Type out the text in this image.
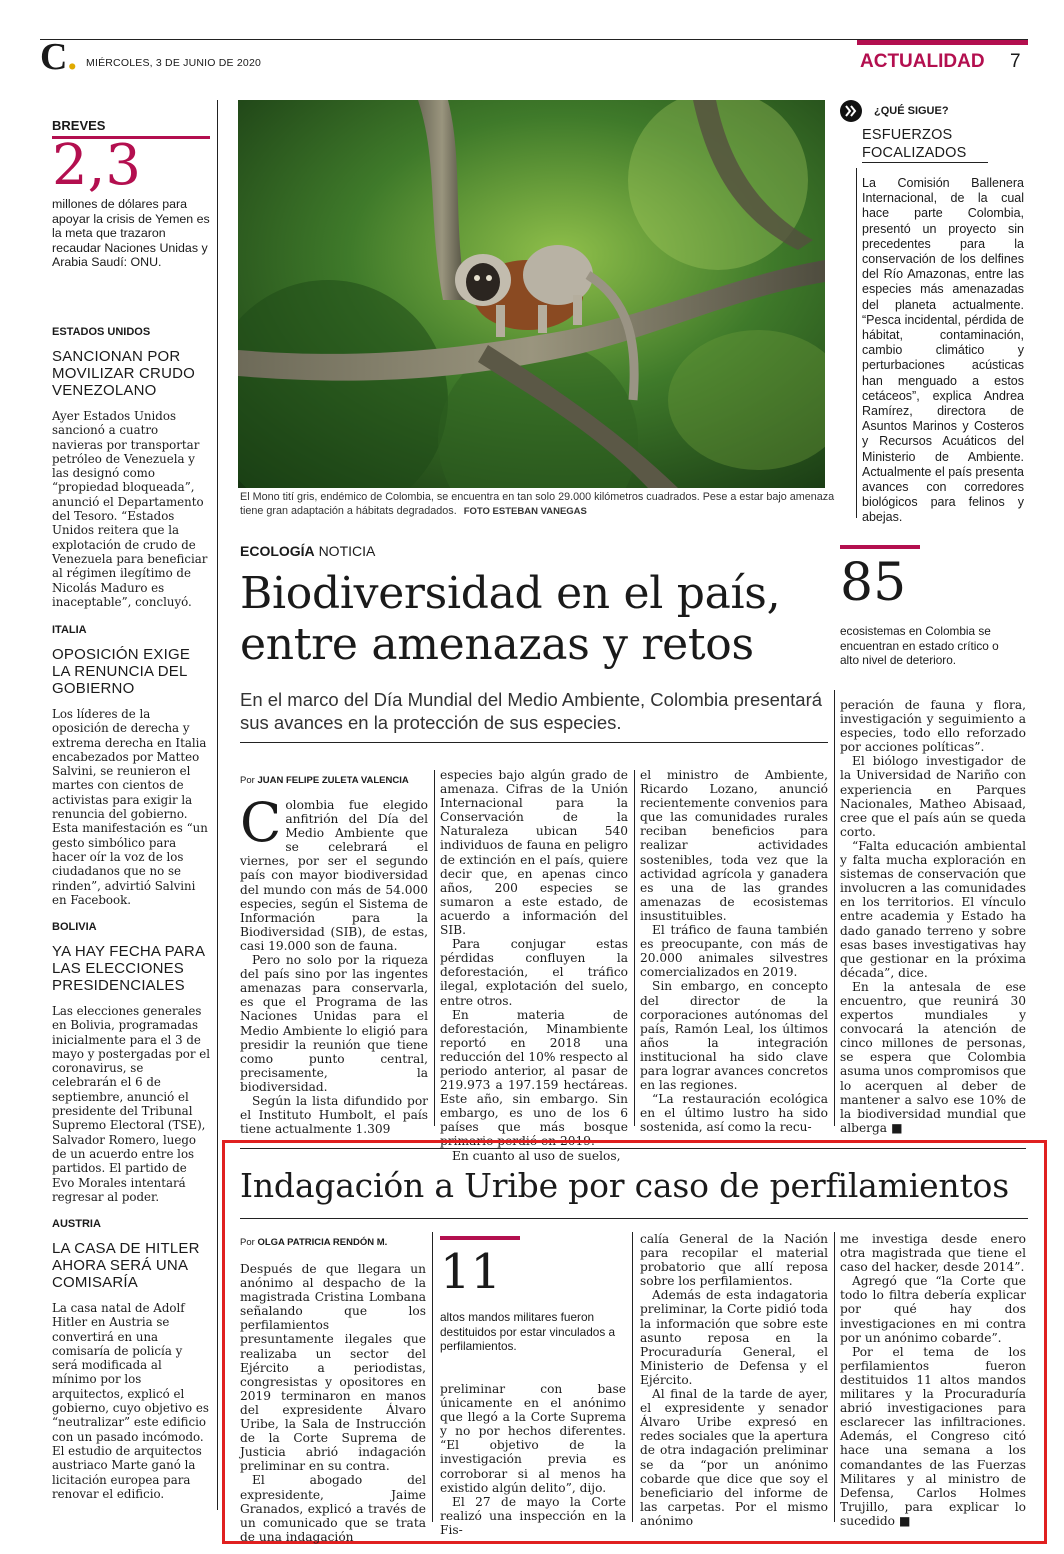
C. MIÉRCOLES, 3 DE JUNIO DE 2020	ACTUALIDAD 7
BREVES
2,3
millones de dólares para apoyar la crisis de Yemen es la meta que trazaron recaudar Naciones Unidas y Arabia Saudí: ONU.
ESTADOS UNIDOS
SANCIONAN POR MOVILIZAR CRUDO VENEZOLANO
Ayer Estados Unidos sancionó a cuatro navieras por transportar petróleo de Venezuela y las designó como “propiedad bloqueada”, anunció el Departamento del Tesoro. “Estados Unidos reitera que la explotación de crudo de Venezuela para beneficiar al régimen ilegítimo de Nicolás Maduro es inaceptable”, concluyó.
ITALIA
OPOSICIÓN EXIGE LA RENUNCIA DEL GOBIERNO
Los líderes de la oposición de derecha y extrema derecha en Italia encabezados por Matteo Salvini, se reunieron el martes con cientos de activistas para exigir la renuncia del gobierno. Esta manifestación es “un gesto simbólico para hacer oír la voz de los ciudadanos que no se rinden”, advirtió Salvini en Facebook.
BOLIVIA
YA HAY FECHA PARA LAS ELECCIONES PRESIDENCIALES
Las elecciones generales en Bolivia, programadas inicialmente para el 3 de mayo y postergadas por el coronavirus, se celebrarán el 6 de septiembre, anunció el presidente del Tribunal Supremo Electoral (TSE), Salvador Romero, luego de un acuerdo entre los partidos. El partido de Evo Morales intentará regresar al poder.
AUSTRIA
LA CASA DE HITLER AHORA SERÁ UNA COMISARÍA
La casa natal de Adolf Hitler en Austria se convertirá en una comisaría de policía y será modificada al mínimo por los arquitectos, explicó el gobierno, cuyo objetivo es “neutralizar” este edificio con un pasado incómodo. El estudio de arquitectos austriaco Marte ganó la licitación europea para renovar el edificio.
El Mono tití gris, endémico de Colombia, se encuentra en tan solo 29.000 kilómetros cuadrados. Pese a estar bajo amenaza tiene gran adaptación a hábitats degradados. FOTO ESTEBAN VANEGAS
¿QUÉ SIGUE?
ESFUERZOS FOCALIZADOS
La Comisión Ballenera Internacional, de la cual hace parte Colombia, presentó un proyecto sin precedentes para la conservación de los delfines del Río Amazonas, entre las especies más amenazadas del planeta actualmente. “Pesca incidental, pérdida de hábitat, contaminación, cambio climático y perturbaciones acústicas han menguado a estos cetáceos”, explica Andrea Ramírez, directora de Asuntos Marinos y Costeros y Recursos Acuáticos del Ministerio de Ambiente. Actualmente el país presenta avances con corredores biológicos para felinos y abejas.
85
ecosistemas en Colombia se encuentran en estado crítico o alto nivel de deterioro.
ECOLOGÍA NOTICIA
Biodiversidad en el país, entre amenazas y retos
En el marco del Día Mundial del Medio Ambiente, Colombia presentará sus avances en la protección de sus especies.
Por JUAN FELIPE ZULETA VALENCIA

Colombia fue elegido anfitrión del Día del Medio Ambiente que se celebrará el viernes, por ser el segundo país con mayor biodiversidad del mundo con más de 54.000 especies, según el Sistema de Información para la Biodiversidad (SIB), de estas, casi 19.000 son de fauna.

Pero no solo por la riqueza del país sino por las ingentes amenazas para conservarla, es que el Programa de las Naciones Unidas para el Medio Ambiente lo eligió para presidir la reunión que tiene como punto central, precisamente, la biodiversidad.

Según la lista difundido por el Instituto Humbolt, el país tiene actualmente 1.309

especies bajo algún grado de amenaza. Cifras de la Unión Internacional para la Conservación de la Naturaleza ubican 540 individuos de fauna en peligro de extinción en el país, quiere decir que, en apenas cinco años, 200 especies se sumaron a este estado, de acuerdo a información del SIB.

Para conjugar estas pérdidas confluyen la deforestación, el tráfico ilegal, explotación del suelo, entre otros.

En materia de deforestación, Minambiente reportó en 2018 una reducción del 10% respecto al periodo anterior, al pasar de 219.973 a 197.159 hectáreas. Este año, sin embargo. Sin embargo, es uno de los 6 países que más bosque primario perdió en 2019.

En cuanto al uso de suelos,

el ministro de Ambiente, Ricardo Lozano, anunció recientemente convenios para que las comunidades rurales reciban beneficios para realizar actividades sostenibles, toda vez que la actividad agrícola y ganadera es una de las grandes amenazas de ecosistemas insustituibles.

El tráfico de fauna también es preocupante, con más de 20.000 animales silvestres comercializados en 2019.

Sin embargo, en concepto del director de la corporaciones autónomas del país, Ramón Leal, los últimos años la integración institucional ha sido clave para lograr avances concretos en las regiones.

“La restauración ecológica en el último lustro ha sido sostenida, así como la recu-

peración de fauna y flora, investigación y seguimiento a especies, todo ello reforzado por acciones políticas”.

El biólogo investigador de la Universidad de Nariño con experiencia en Parques Nacionales, Matheo Abisaad, cree que el país aún se queda corto.

“Falta educación ambiental y falta mucha exploración en sistemas de conservación que involucren a las comunidades en los territorios. El vínculo entre academia y Estado ha dado ganado terreno y sobre esas bases investigativas hay que gestionar en la próxima década”, dice.

En la antesala de ese encuentro, que reunirá 30 expertos mundiales y convocará la atención de cinco millones de personas, se espera que Colombia asuma unos compromisos que lo acerquen al deber de mantener a salvo ese 10% de la biodiversidad mundial que alberga ■

Indagación a Uribe por caso de perfilamientos
Por OLGA PATRICIA RENDÓN M.

Después de que llegara un anónimo al despacho de la magistrada Cristina Lombana señalando que los perfilamientos presuntamente ilegales que realizaba un sector del Ejército a periodistas, congresistas y opositores en 2019 terminaron en manos del expresidente Álvaro Uribe, la Sala de Instrucción de la Corte Suprema de Justicia abrió indagación preliminar en su contra.

El abogado del expresidente, Jaime Granados, explicó a través de un comunicado que se trata de una indagación

11
altos mandos militares fueron destituidos por estar vinculados a perfilamientos.

preliminar con base únicamente en el anónimo que llegó a la Corte Suprema y no por hechos diferentes. “El objetivo de la investigación previa es corroborar si al menos ha existido algún delito”, dijo.

El 27 de mayo la Corte realizó una inspección en la Fis-

calía General de la Nación para recopilar el material probatorio que allí reposa sobre los perfilamientos.

Además de esta indagatoria preliminar, la Corte pidió toda la información que sobre este asunto reposa en la Procuraduría General, el Ministerio de Defensa y el Ejército.

Al final de la tarde de ayer, el expresidente y senador Álvaro Uribe expresó en redes sociales que la apertura de otra indagación preliminar se da “por un anónimo cobarde que dice que soy el beneficiario del informe de las carpetas. Por el mismo anónimo

me investiga desde enero otra magistrada que tiene el caso del hacker, desde 2014”.

Agregó que “la Corte que todo lo filtra debería explicar por qué hay dos investigaciones en mi contra por un anónimo cobarde”.

Por el tema de los perfilamientos fueron destituidos 11 altos mandos militares y la Procuraduría abrió investigaciones para esclarecer las infiltraciones. Además, el Congreso citó hace una semana a los comandantes de las Fuerzas Militares y al ministro de Defensa, Carlos Holmes Trujillo, para explicar lo sucedido ■
